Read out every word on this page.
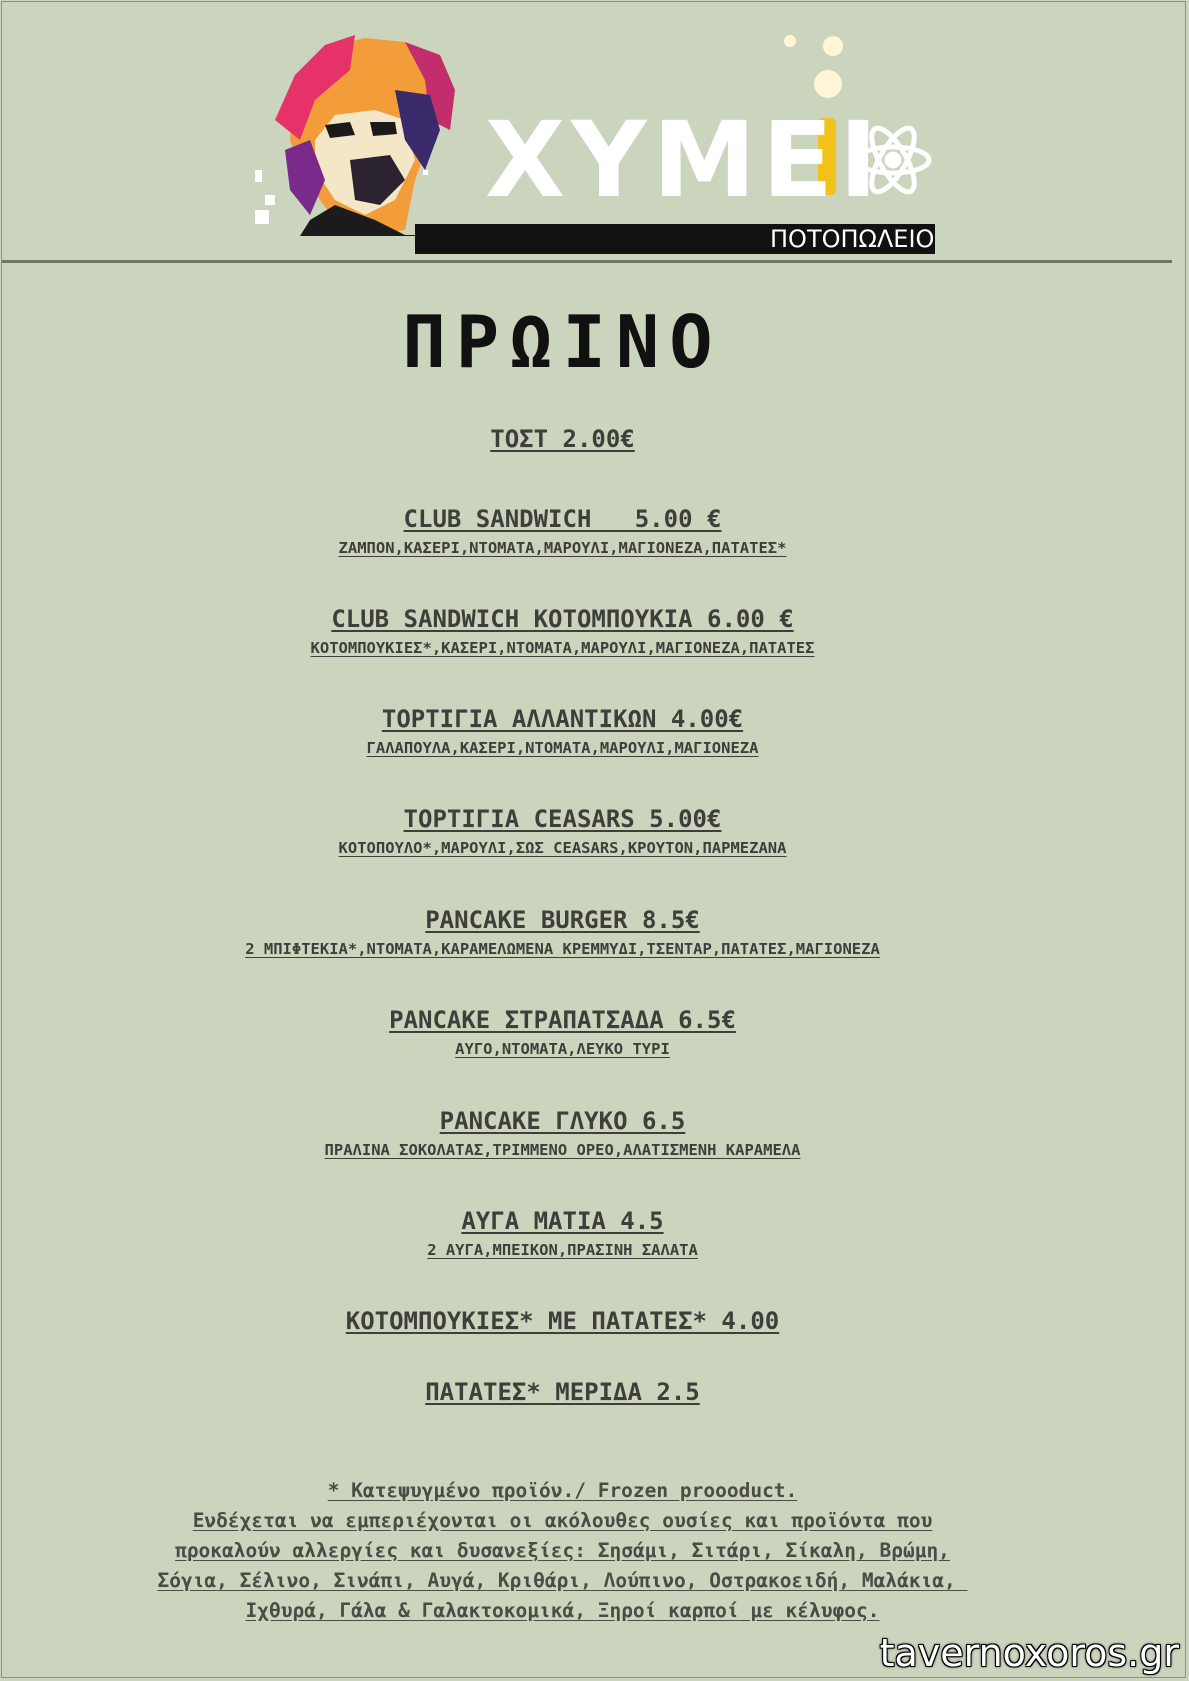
XYMEI
ΠΟΤΟΠΩΛΕΙΟ
ΠΡΩΙΝΟ
ΤΟΣΤ 2.00€
CLUB SANDWICH   5.00 €
ΖΑΜΠΟΝ,ΚΑΣΕΡΙ,ΝΤΟΜΑΤΑ,ΜΑΡΟΥΛΙ,ΜΑΓΙΟΝΕΖΑ,ΠΑΤΑΤΕΣ*
CLUB SANDWICH ΚΟΤΟΜΠΟΥΚΙΑ 6.00 €
ΚΟΤΟΜΠΟΥΚΙΕΣ*,ΚΑΣΕΡΙ,ΝΤΟΜΑΤΑ,ΜΑΡΟΥΛΙ,ΜΑΓΙΟΝΕΖΑ,ΠΑΤΑΤΕΣ
ΤΟΡΤΙΓΙΑ ΑΛΛΑΝΤΙΚΩΝ 4.00€
ΓΑΛΑΠΟΥΛΑ,ΚΑΣΕΡΙ,ΝΤΟΜΑΤΑ,ΜΑΡΟΥΛΙ,ΜΑΓΙΟΝΕΖΑ
ΤΟΡΤΙΓΙΑ CEASARS 5.00€
ΚΟΤΟΠΟΥΛΟ*,ΜΑΡΟΥΛΙ,ΣΩΣ CEASARS,ΚΡΟΥΤΟΝ,ΠΑΡΜΕΖΑΝΑ
PANCAKE BURGER 8.5€
2 ΜΠΙΦΤΕΚΙΑ*,ΝΤΟΜΑΤΑ,ΚΑΡΑΜΕΛΩΜΕΝΑ ΚΡΕΜΜΥΔΙ,ΤΣΕΝΤΑΡ,ΠΑΤΑΤΕΣ,ΜΑΓΙΟΝΕΖΑ
PANCAKE ΣΤΡΑΠΑΤΣΑΔΑ 6.5€
ΑΥΓΟ,ΝΤΟΜΑΤΑ,ΛΕΥΚΟ ΤΥΡΙ
PANCAKE ΓΛΥΚΟ 6.5
ΠΡΑΛΙΝΑ ΣΟΚΟΛΑΤΑΣ,ΤΡΙΜΜΕΝΟ ΟΡΕΟ,ΑΛΑΤΙΣΜΕΝΗ ΚΑΡΑΜΕΛΑ
ΑΥΓΑ ΜΑΤΙΑ 4.5
2 ΑΥΓΑ,ΜΠΕΙΚΟΝ,ΠΡΑΣΙΝΗ ΣΑΛΑΤΑ
ΚΟΤΟΜΠΟΥΚΙΕΣ* ΜΕ ΠΑΤΑΤΕΣ* 4.00
ΠΑΤΑΤΕΣ* ΜΕΡΙΔΑ 2.5
* Κατεψυγμένο προϊόν./ Frozen proooduct.
Ενδέχεται να εμπεριέχονται οι ακόλουθες ουσίες και προϊόντα που
προκαλούν αλλεργίες και δυσανεξίες: Σησάμι, Σιτάρι, Σίκαλη, Βρώμη,
Σόγια, Σέλινο, Σινάπι, Αυγά, Κριθάρι, Λούπινο, Οστρακοειδή, Μαλάκια,
Ιχθυρά, Γάλα & Γαλακτοκομικά, Ξηροί καρποί με κέλυφος.
tavernoxoros.gr
